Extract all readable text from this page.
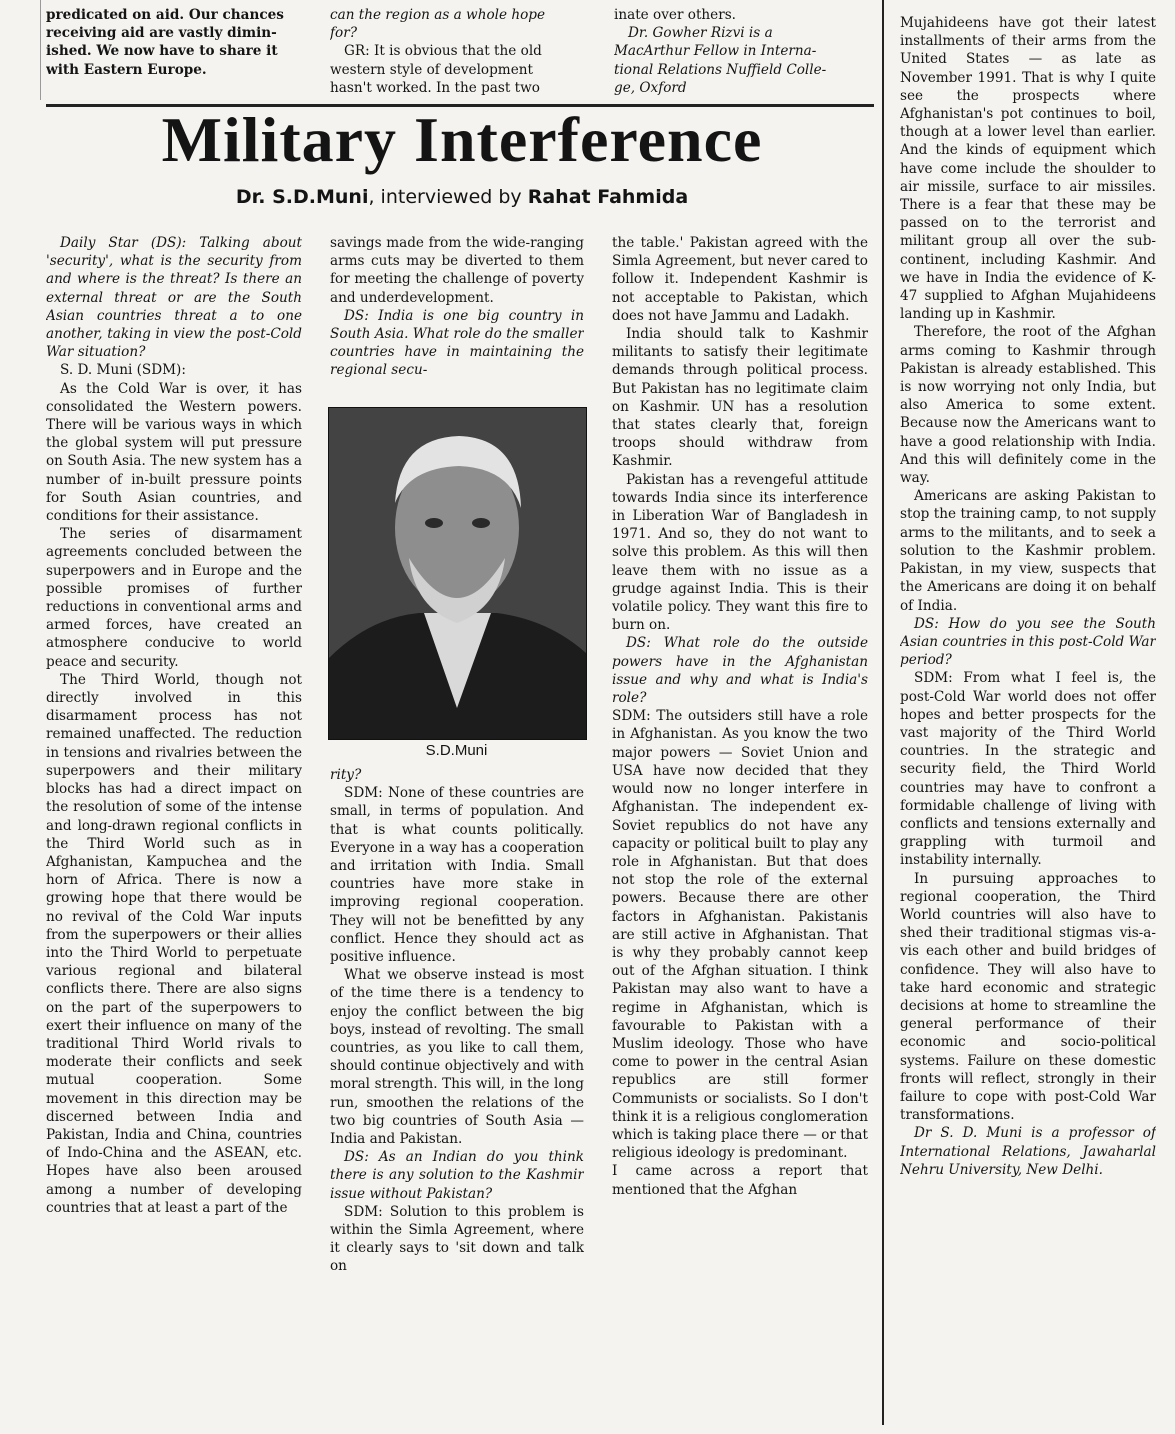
predicated on aid. Our chances
receiving aid are vastly dimin-
ished. We now have to share it
with Eastern Europe.
can the region as a whole hope
for?
GR: It is obvious that the old
western style of development
hasn't worked. In the past two
inate over others.
Dr. Gowher Rizvi is a
MacArthur Fellow in Interna-
tional Relations Nuffield Colle-
ge, Oxford
Military Interference
Dr. S.D.Muni, interviewed by Rahat Fahmida

Daily Star (DS): Talking about 'security', what is the security from and where is the threat? Is there an external threat or are the South Asian countries threat a to one another, taking in view the post-Cold War situation?

S. D. Muni (SDM):

As the Cold War is over, it has consolidated the Western powers. There will be various ways in which the global system will put pressure on South Asia. The new system has a number of in-built pressure points for South Asian countries, and conditions for their assistance.

The series of disarmament agreements concluded between the superpowers and in Europe and the possible promises of further reductions in conventional arms and armed forces, have created an atmosphere conducive to world peace and security.

The Third World, though not directly involved in this disarmament process has not remained unaffected. The reduction in tensions and rivalries between the superpowers and their military blocks has had a direct impact on the resolution of some of the intense and long-drawn regional conflicts in the Third World such as in Afghanistan, Kampuchea and the horn of Africa. There is now a growing hope that there would be no revival of the Cold War inputs from the superpowers or their allies into the Third World to perpetuate various regional and bilateral conflicts there. There are also signs on the part of the superpowers to exert their influence on many of the traditional Third World rivals to moderate their conflicts and seek mutual cooperation. Some movement in this direction may be discerned between India and Pakistan, India and China, countries of Indo-China and the ASEAN, etc. Hopes have also been aroused among a number of developing countries that at least a part of the

savings made from the wide-ranging arms cuts may be diverted to them for meeting the challenge of poverty and underdevelopment.

DS: India is one big country in South Asia. What role do the smaller countries have in maintaining the regional secu-

S.D.Muni

rity?

SDM: None of these countries are small, in terms of population. And that is what counts politically. Everyone in a way has a cooperation and irritation with India. Small countries have more stake in improving regional cooperation. They will not be benefitted by any conflict. Hence they should act as positive influence.

What we observe instead is most of the time there is a tendency to enjoy the conflict between the big boys, instead of revolting. The small countries, as you like to call them, should continue objectively and with moral strength. This will, in the long run, smoothen the relations of the two big countries of South Asia — India and Pakistan.

DS: As an Indian do you think there is any solution to the Kashmir issue without Pakistan?

SDM: Solution to this problem is within the Simla Agreement, where it clearly says to 'sit down and talk on

the table.' Pakistan agreed with the Simla Agreement, but never cared to follow it. Independent Kashmir is not acceptable to Pakistan, which does not have Jammu and Ladakh.

India should talk to Kashmir militants to satisfy their legitimate demands through political process. But Pakistan has no legitimate claim on Kashmir. UN has a resolution that states clearly that, foreign troops should withdraw from Kashmir.

Pakistan has a revengeful attitude towards India since its interference in Liberation War of Bangladesh in 1971. And so, they do not want to solve this problem. As this will then leave them with no issue as a grudge against India. This is their volatile policy. They want this fire to burn on.

DS: What role do the outside powers have in the Afghanistan issue and why and what is India's role?

SDM: The outsiders still have a role in Afghanistan. As you know the two major powers — Soviet Union and USA have now decided that they would now no longer interfere in Afghanistan. The independent ex-Soviet republics do not have any capacity or political built to play any role in Afghanistan. But that does not stop the role of the external powers. Because there are other factors in Afghanistan. Pakistanis are still active in Afghanistan. That is why they probably cannot keep out of the Afghan situation. I think Pakistan may also want to have a regime in Afghanistan, which is favourable to Pakistan with a Muslim ideology. Those who have come to power in the central Asian republics are still former Communists or socialists. So I don't think it is a religious conglomeration which is taking place there — or that religious ideology is predominant.

I came across a report that mentioned that the Afghan

Mujahideens have got their latest installments of their arms from the United States — as late as November 1991. That is why I quite see the prospects where Afghanistan's pot continues to boil, though at a lower level than earlier. And the kinds of equipment which have come include the shoulder to air missile, surface to air missiles. There is a fear that these may be passed on to the terrorist and militant group all over the sub-continent, including Kashmir. And we have in India the evidence of K-47 supplied to Afghan Mujahideens landing up in Kashmir.

Therefore, the root of the Afghan arms coming to Kashmir through Pakistan is already established. This is now worrying not only India, but also America to some extent. Because now the Americans want to have a good relationship with India. And this will definitely come in the way.

Americans are asking Pakistan to stop the training camp, to not supply arms to the militants, and to seek a solution to the Kashmir problem. Pakistan, in my view, suspects that the Americans are doing it on behalf of India.

DS: How do you see the South Asian countries in this post-Cold War period?

SDM: From what I feel is, the post-Cold War world does not offer hopes and better prospects for the vast majority of the Third World countries. In the strategic and security field, the Third World countries may have to confront a formidable challenge of living with conflicts and tensions externally and grappling with turmoil and instability internally.

In pursuing approaches to regional cooperation, the Third World countries will also have to shed their traditional stigmas vis-a-vis each other and build bridges of confidence. They will also have to take hard economic and strategic decisions at home to streamline the general performance of their economic and socio-political systems. Failure on these domestic fronts will reflect, strongly in their failure to cope with post-Cold War transformations.

Dr S. D. Muni is a professor of International Relations, Jawaharlal Nehru University, New Delhi.
